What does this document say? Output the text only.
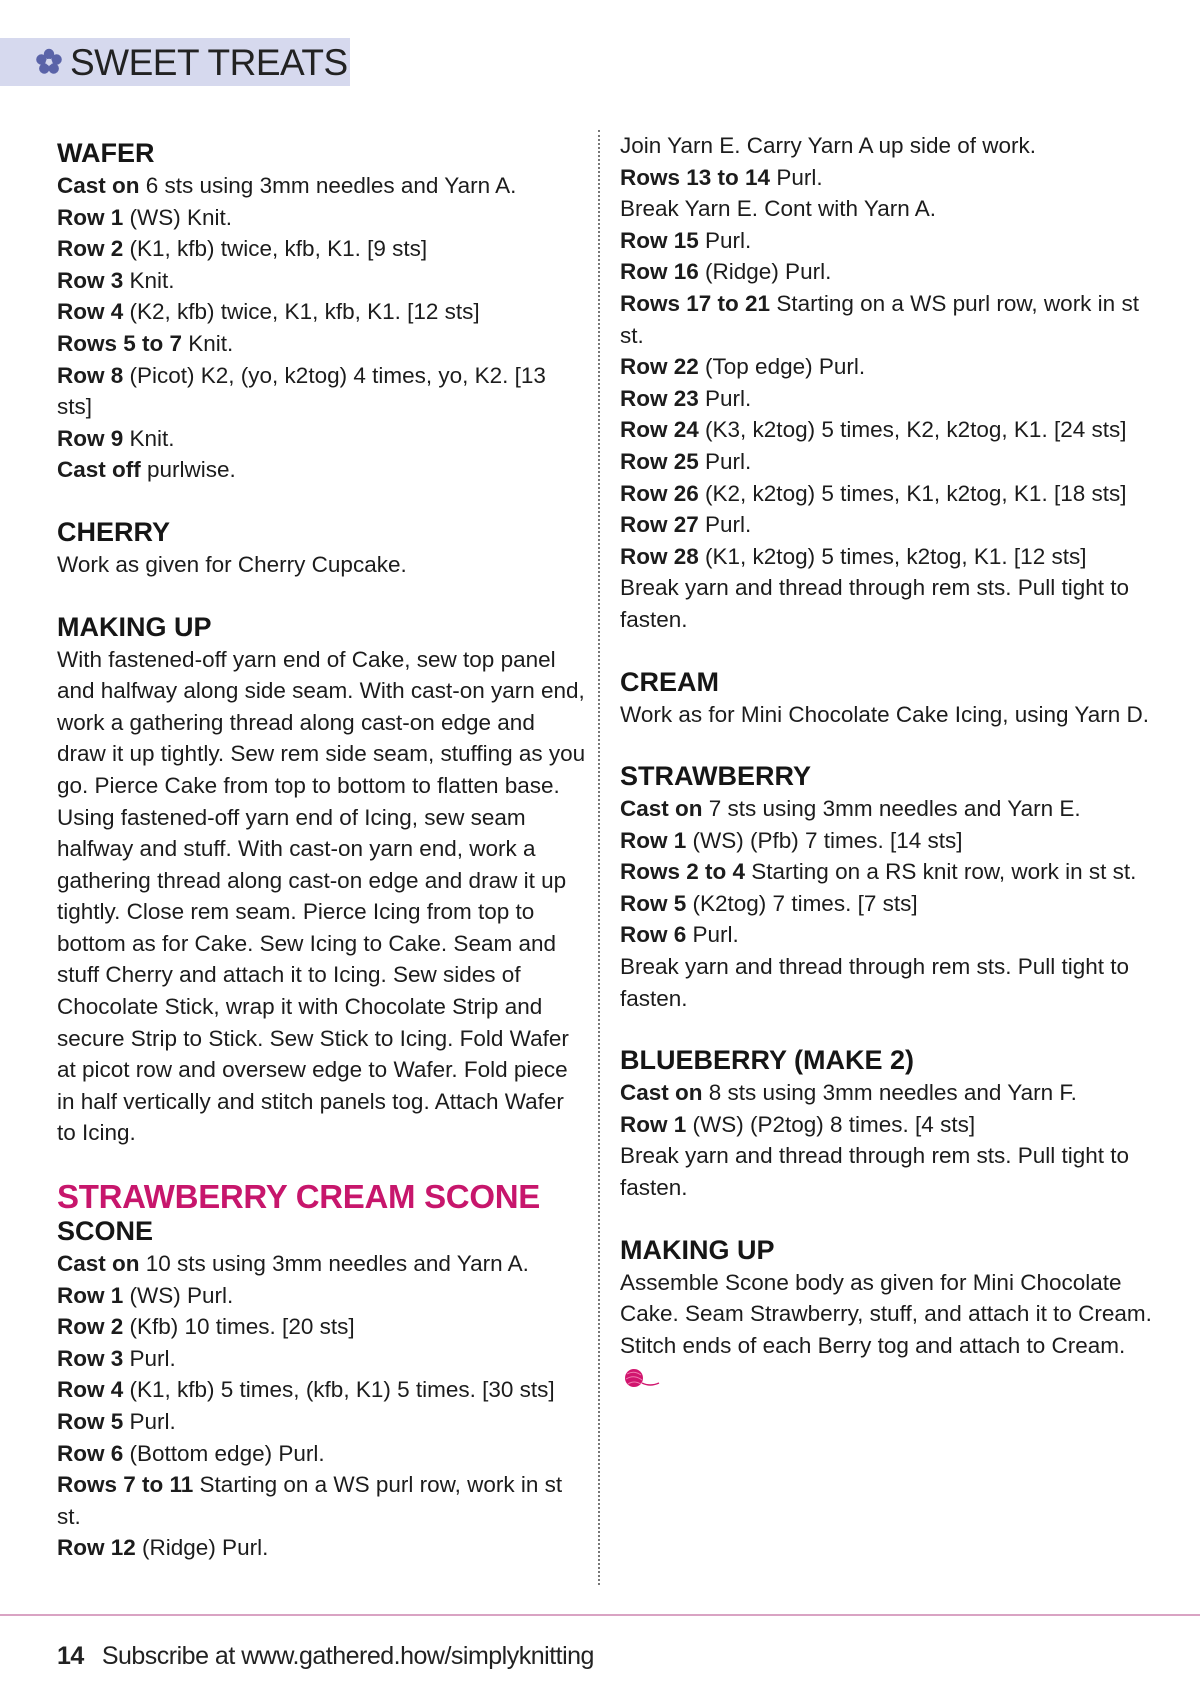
SWEET TREATS

WAFER

Cast on 6 sts using 3mm needles and Yarn A.

Row 1 (WS) Knit.

Row 2 (K1, kfb) twice, kfb, K1. [9 sts]

Row 3 Knit.

Row 4 (K2, kfb) twice, K1, kfb, K1. [12 sts]

Rows 5 to 7 Knit.

Row 8 (Picot) K2, (yo, k2tog) 4 times, yo, K2. [13 sts]

Row 9 Knit.

Cast off purlwise.

CHERRY

Work as given for Cherry Cupcake.

MAKING UP

With fastened-off yarn end of Cake, sew top panel and halfway along side seam. With cast-on yarn end, work a gathering thread along cast-on edge and draw it up tightly. Sew rem side seam, stuffing as you go. Pierce Cake from top to bottom to flatten base. Using fastened-off yarn end of Icing, sew seam halfway and stuff. With cast-on yarn end, work a gathering thread along cast-on edge and draw it up tightly. Close rem seam. Pierce Icing from top to bottom as for Cake. Sew Icing to Cake. Seam and stuff Cherry and attach it to Icing. Sew sides of Chocolate Stick, wrap it with Chocolate Strip and secure Strip to Stick. Sew Stick to Icing. Fold Wafer at picot row and oversew edge to Wafer. Fold piece in half vertically and stitch panels tog. Attach Wafer to Icing.

STRAWBERRY CREAM SCONE

SCONE

Cast on 10 sts using 3mm needles and Yarn A.

Row 1 (WS) Purl.

Row 2 (Kfb) 10 times. [20 sts]

Row 3 Purl.

Row 4 (K1, kfb) 5 times, (kfb, K1) 5 times. [30 sts]

Row 5 Purl.

Row 6 (Bottom edge) Purl.

Rows 7 to 11 Starting on a WS purl row, work in st st.

Row 12 (Ridge) Purl.

Join Yarn E. Carry Yarn A up side of work.

Rows 13 to 14 Purl.

Break Yarn E. Cont with Yarn A.

Row 15 Purl.

Row 16 (Ridge) Purl.

Rows 17 to 21 Starting on a WS purl row, work in st st.

Row 22 (Top edge) Purl.

Row 23 Purl.

Row 24 (K3, k2tog) 5 times, K2, k2tog, K1. [24 sts]

Row 25 Purl.

Row 26 (K2, k2tog) 5 times, K1, k2tog, K1. [18 sts]

Row 27 Purl.

Row 28 (K1, k2tog) 5 times, k2tog, K1. [12 sts]

Break yarn and thread through rem sts. Pull tight to fasten.

CREAM

Work as for Mini Chocolate Cake Icing, using Yarn D.

STRAWBERRY

Cast on 7 sts using 3mm needles and Yarn E.

Row 1 (WS) (Pfb) 7 times. [14 sts]

Rows 2 to 4 Starting on a RS knit row, work in st st.

Row 5 (K2tog) 7 times. [7 sts]

Row 6 Purl.

Break yarn and thread through rem sts. Pull tight to fasten.

BLUEBERRY (MAKE 2)

Cast on 8 sts using 3mm needles and Yarn F.

Row 1 (WS) (P2tog) 8 times. [4 sts]

Break yarn and thread through rem sts. Pull tight to fasten.

MAKING UP

Assemble Scone body as given for Mini Chocolate Cake. Seam Strawberry, stuff, and attach it to Cream. Stitch ends of each Berry tog and attach to Cream.

14 Subscribe at www.gathered.how/simplyknitting
